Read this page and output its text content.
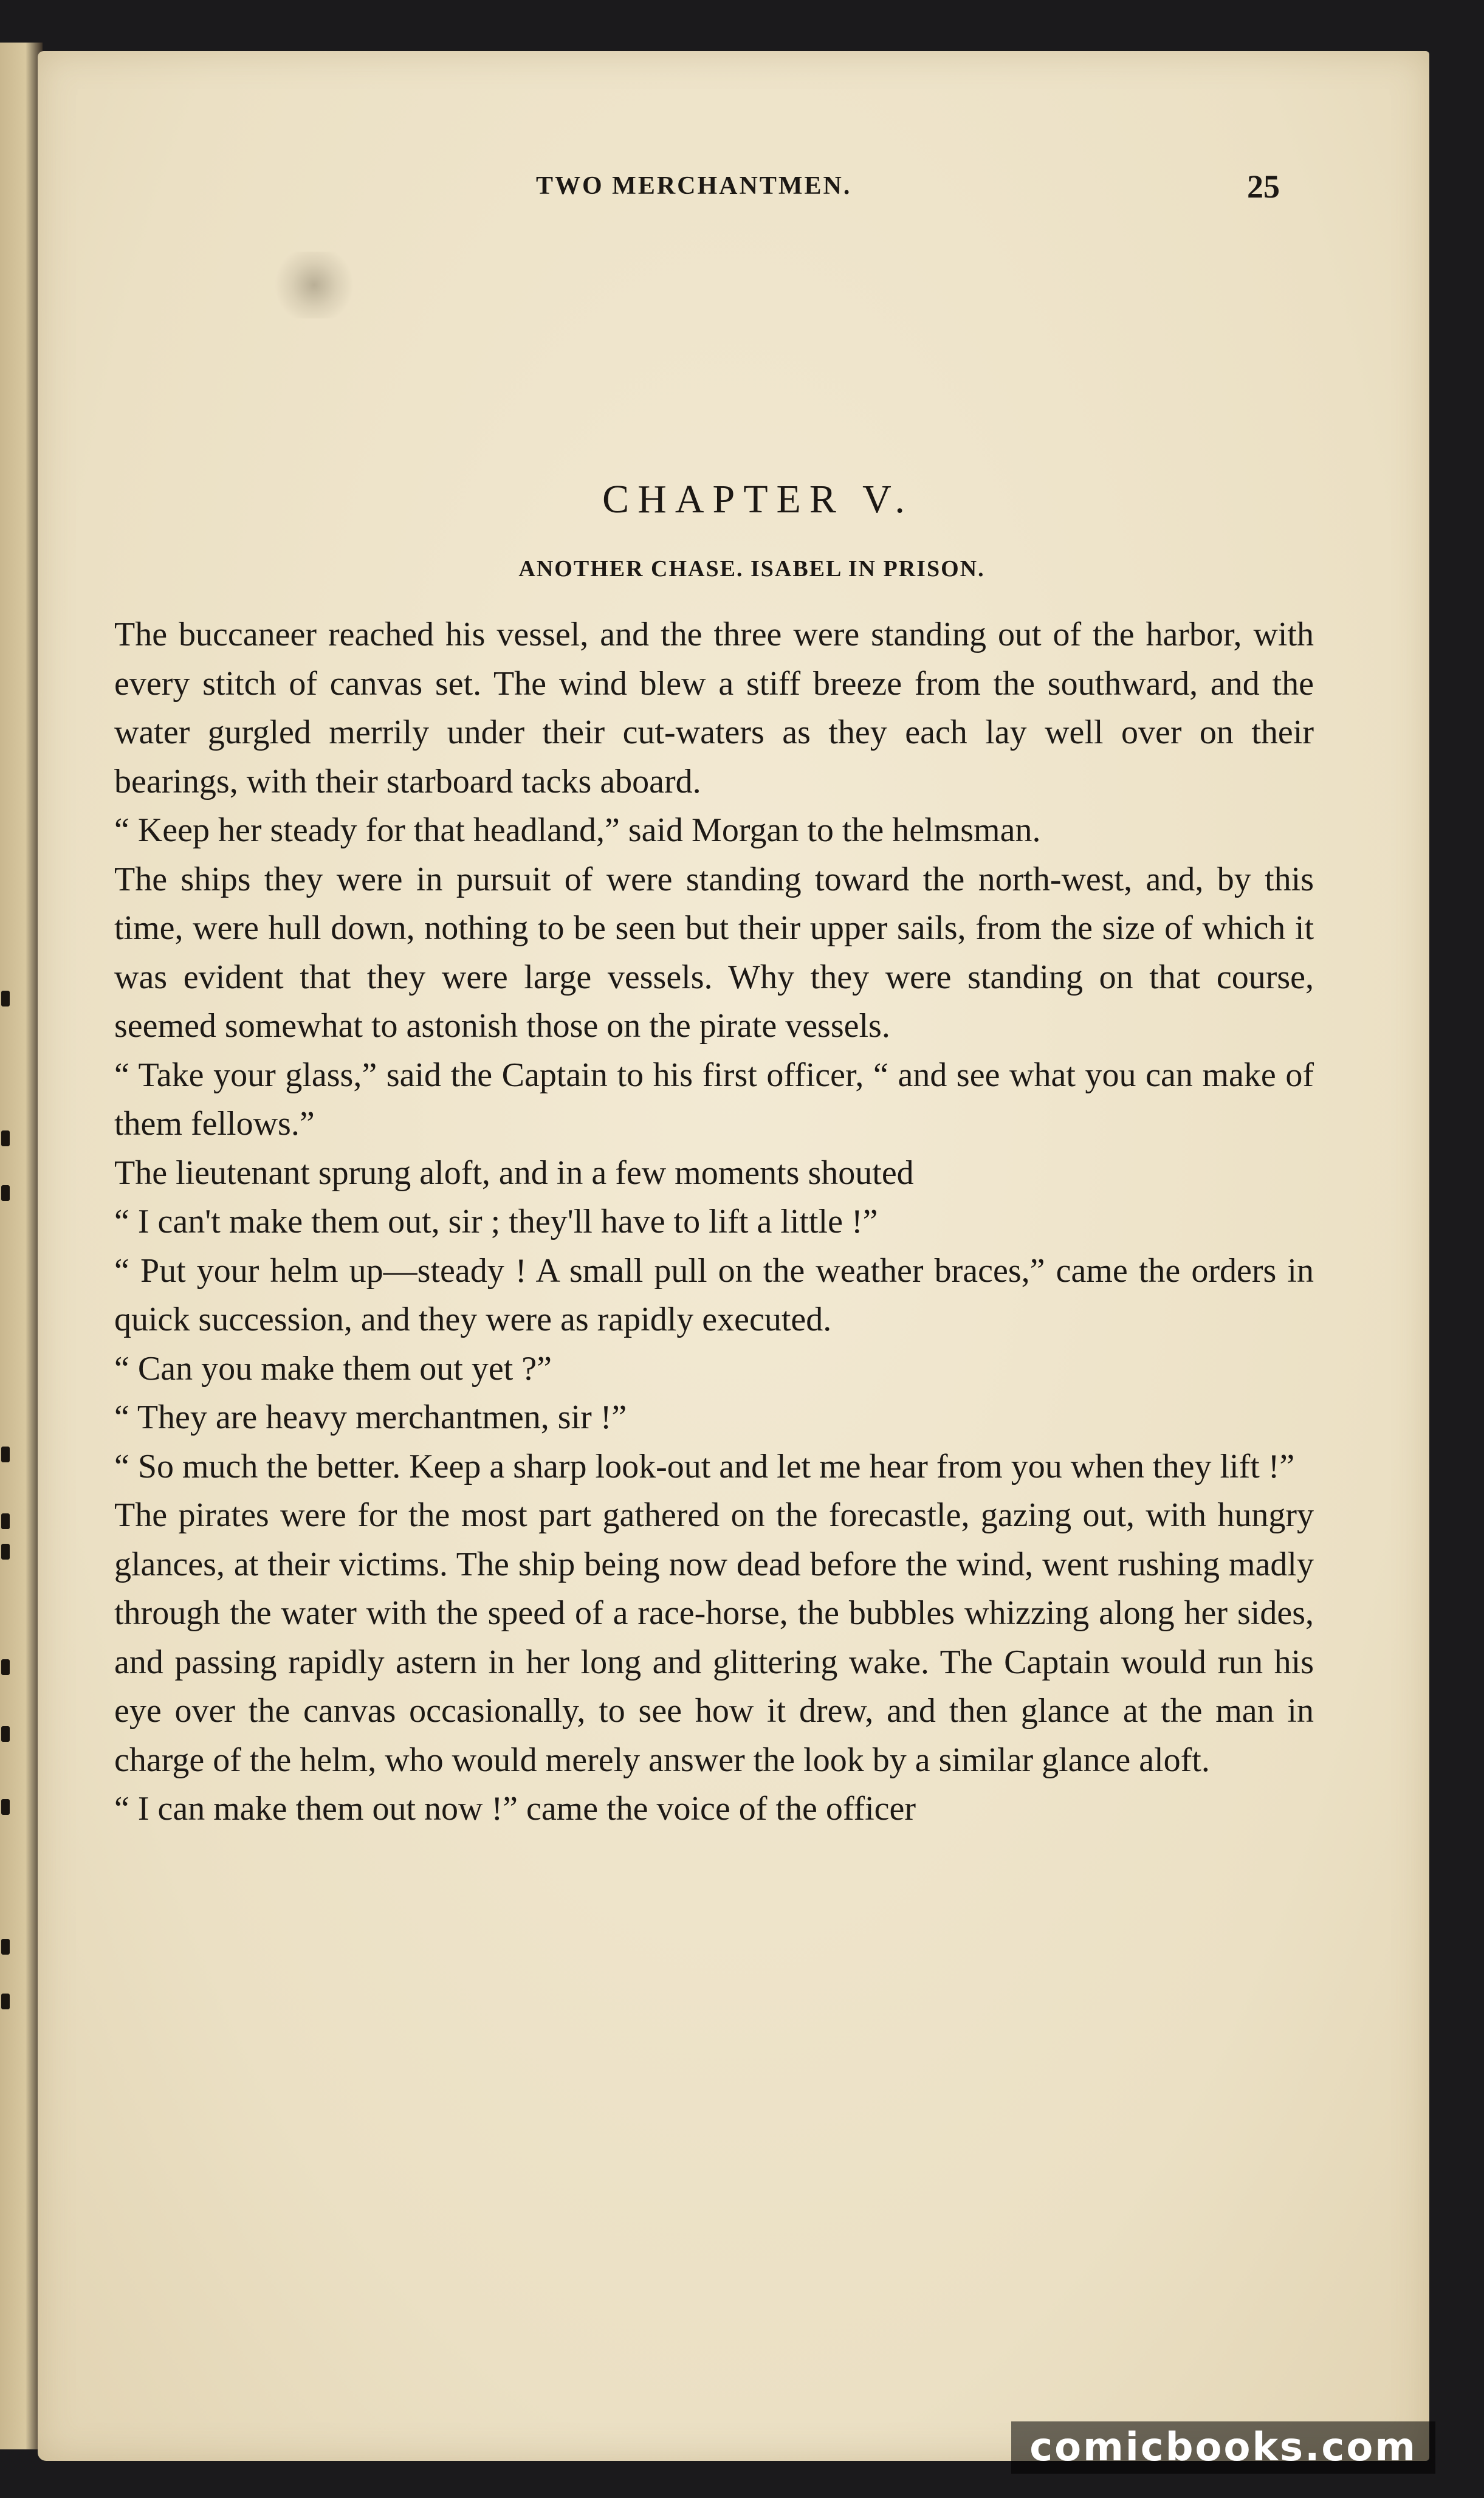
TWO MERCHANTMEN.	25
CHAPTER V.
ANOTHER CHASE. ISABEL IN PRISON.

The buccaneer reached his vessel, and the three were standing out of the harbor, with every stitch of canvas set. The wind blew a stiff breeze from the southward, and the water gurgled merrily under their cut-waters as they each lay well over on their bearings, with their starboard tacks aboard.

“ Keep her steady for that headland,” said Morgan to the helmsman.

The ships they were in pursuit of were standing toward the north-west, and, by this time, were hull down, nothing to be seen but their upper sails, from the size of which it was evident that they were large vessels. Why they were standing on that course, seemed somewhat to astonish those on the pirate vessels.

“ Take your glass,” said the Captain to his first officer, “ and see what you can make of them fellows.”

The lieutenant sprung aloft, and in a few moments shouted

“ I can't make them out, sir ; they'll have to lift a little !”

“ Put your helm up—steady ! A small pull on the weather braces,” came the orders in quick succession, and they were as rapidly executed.

“ Can you make them out yet ?”

“ They are heavy merchantmen, sir !”

“ So much the better. Keep a sharp look-out and let me hear from you when they lift !”

The pirates were for the most part gathered on the forecastle, gazing out, with hungry glances, at their victims. The ship being now dead before the wind, went rushing madly through the water with the speed of a race-horse, the bubbles whizzing along her sides, and passing rapidly astern in her long and glittering wake. The Captain would run his eye over the canvas occasionally, to see how it drew, and then glance at the man in charge of the helm, who would merely answer the look by a similar glance aloft.

“ I can make them out now !” came the voice of the officer

comicbooks.com
